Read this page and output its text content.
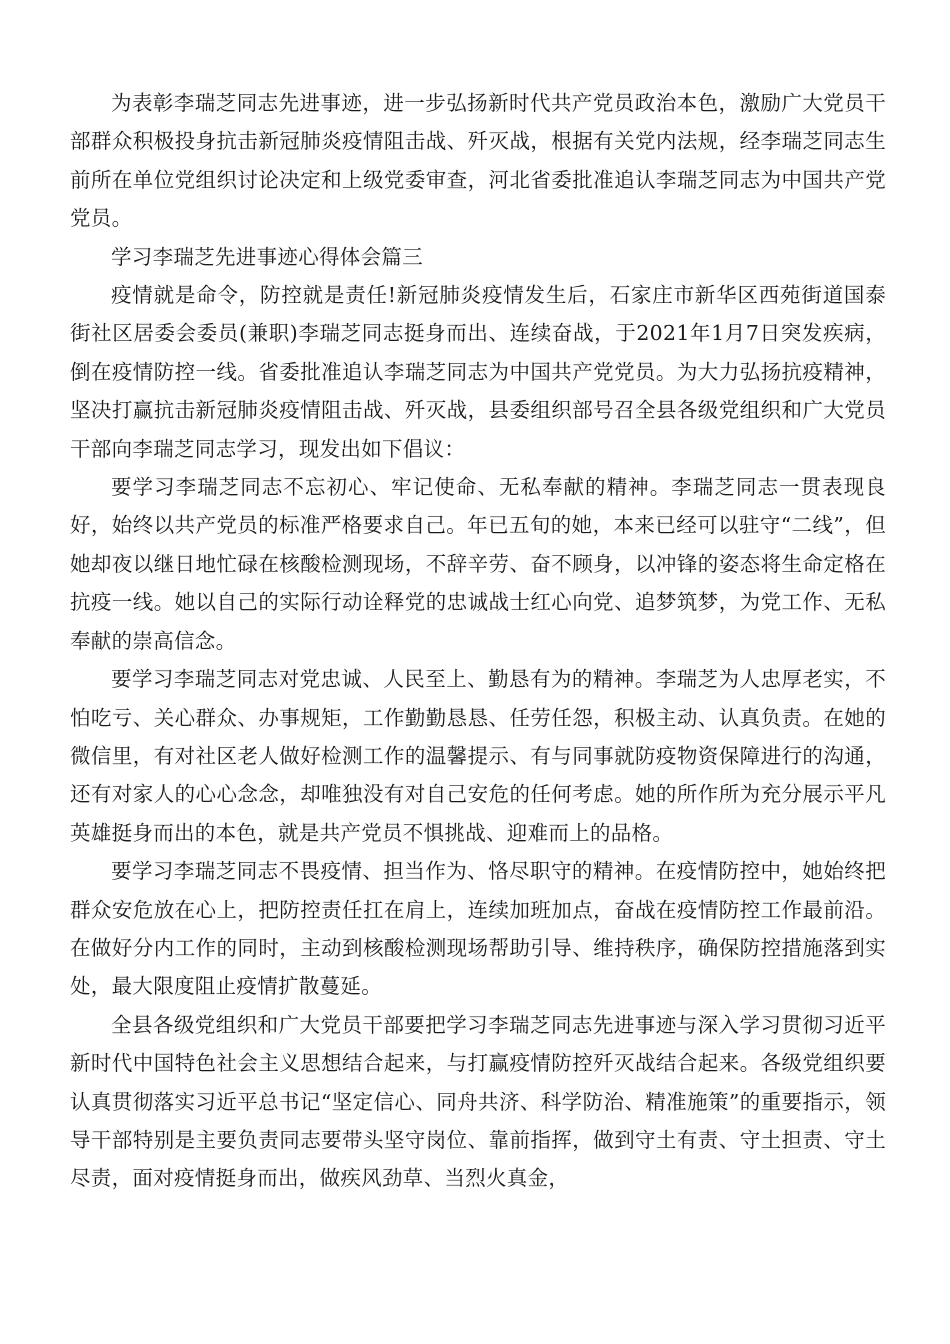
为表彰李瑞芝同志先进事迹，进一步弘扬新时代共产党员政治本色，激励广大党员干部群众积极投身抗击新冠肺炎疫情阻击战、歼灭战，根据有关党内法规，经李瑞芝同志生前所在单位党组织讨论决定和上级党委审查，河北省委批准追认李瑞芝同志为中国共产党党员。

学习李瑞芝先进事迹心得体会篇三

疫情就是命令，防控就是责任!新冠肺炎疫情发生后，石家庄市新华区西苑街道国泰街社区居委会委员(兼职)李瑞芝同志挺身而出、连续奋战，于2021年1月7日突发疾病，倒在疫情防控一线。省委批准追认李瑞芝同志为中国共产党党员。为大力弘扬抗疫精神，坚决打赢抗击新冠肺炎疫情阻击战、歼灭战，县委组织部号召全县各级党组织和广大党员干部向李瑞芝同志学习，现发出如下倡议：

要学习李瑞芝同志不忘初心、牢记使命、无私奉献的精神。李瑞芝同志一贯表现良好，始终以共产党员的标准严格要求自己。年已五旬的她，本来已经可以驻守“二线”，但她却夜以继日地忙碌在核酸检测现场，不辞辛劳、奋不顾身，以冲锋的姿态将生命定格在抗疫一线。她以自己的实际行动诠释党的忠诚战士红心向党、追梦筑梦，为党工作、无私奉献的崇高信念。

要学习李瑞芝同志对党忠诚、人民至上、勤恳有为的精神。李瑞芝为人忠厚老实，不怕吃亏、关心群众、办事规矩，工作勤勤恳恳、任劳任怨，积极主动、认真负责。在她的微信里，有对社区老人做好检测工作的温馨提示、有与同事就防疫物资保障进行的沟通，还有对家人的心心念念，却唯独没有对自己安危的任何考虑。她的所作所为充分展示平凡英雄挺身而出的本色，就是共产党员不惧挑战、迎难而上的品格。

要学习李瑞芝同志不畏疫情、担当作为、恪尽职守的精神。在疫情防控中，她始终把群众安危放在心上，把防控责任扛在肩上，连续加班加点，奋战在疫情防控工作最前沿。在做好分内工作的同时，主动到核酸检测现场帮助引导、维持秩序，确保防控措施落到实处，最大限度阻止疫情扩散蔓延。

全县各级党组织和广大党员干部要把学习李瑞芝同志先进事迹与深入学习贯彻习近平新时代中国特色社会主义思想结合起来，与打赢疫情防控歼灭战结合起来。各级党组织要认真贯彻落实习近平总书记“坚定信心、同舟共济、科学防治、精准施策”的重要指示，领导干部特别是主要负责同志要带头坚守岗位、靠前指挥，做到守土有责、守土担责、守土尽责，面对疫情挺身而出，做疾风劲草、当烈火真金，
